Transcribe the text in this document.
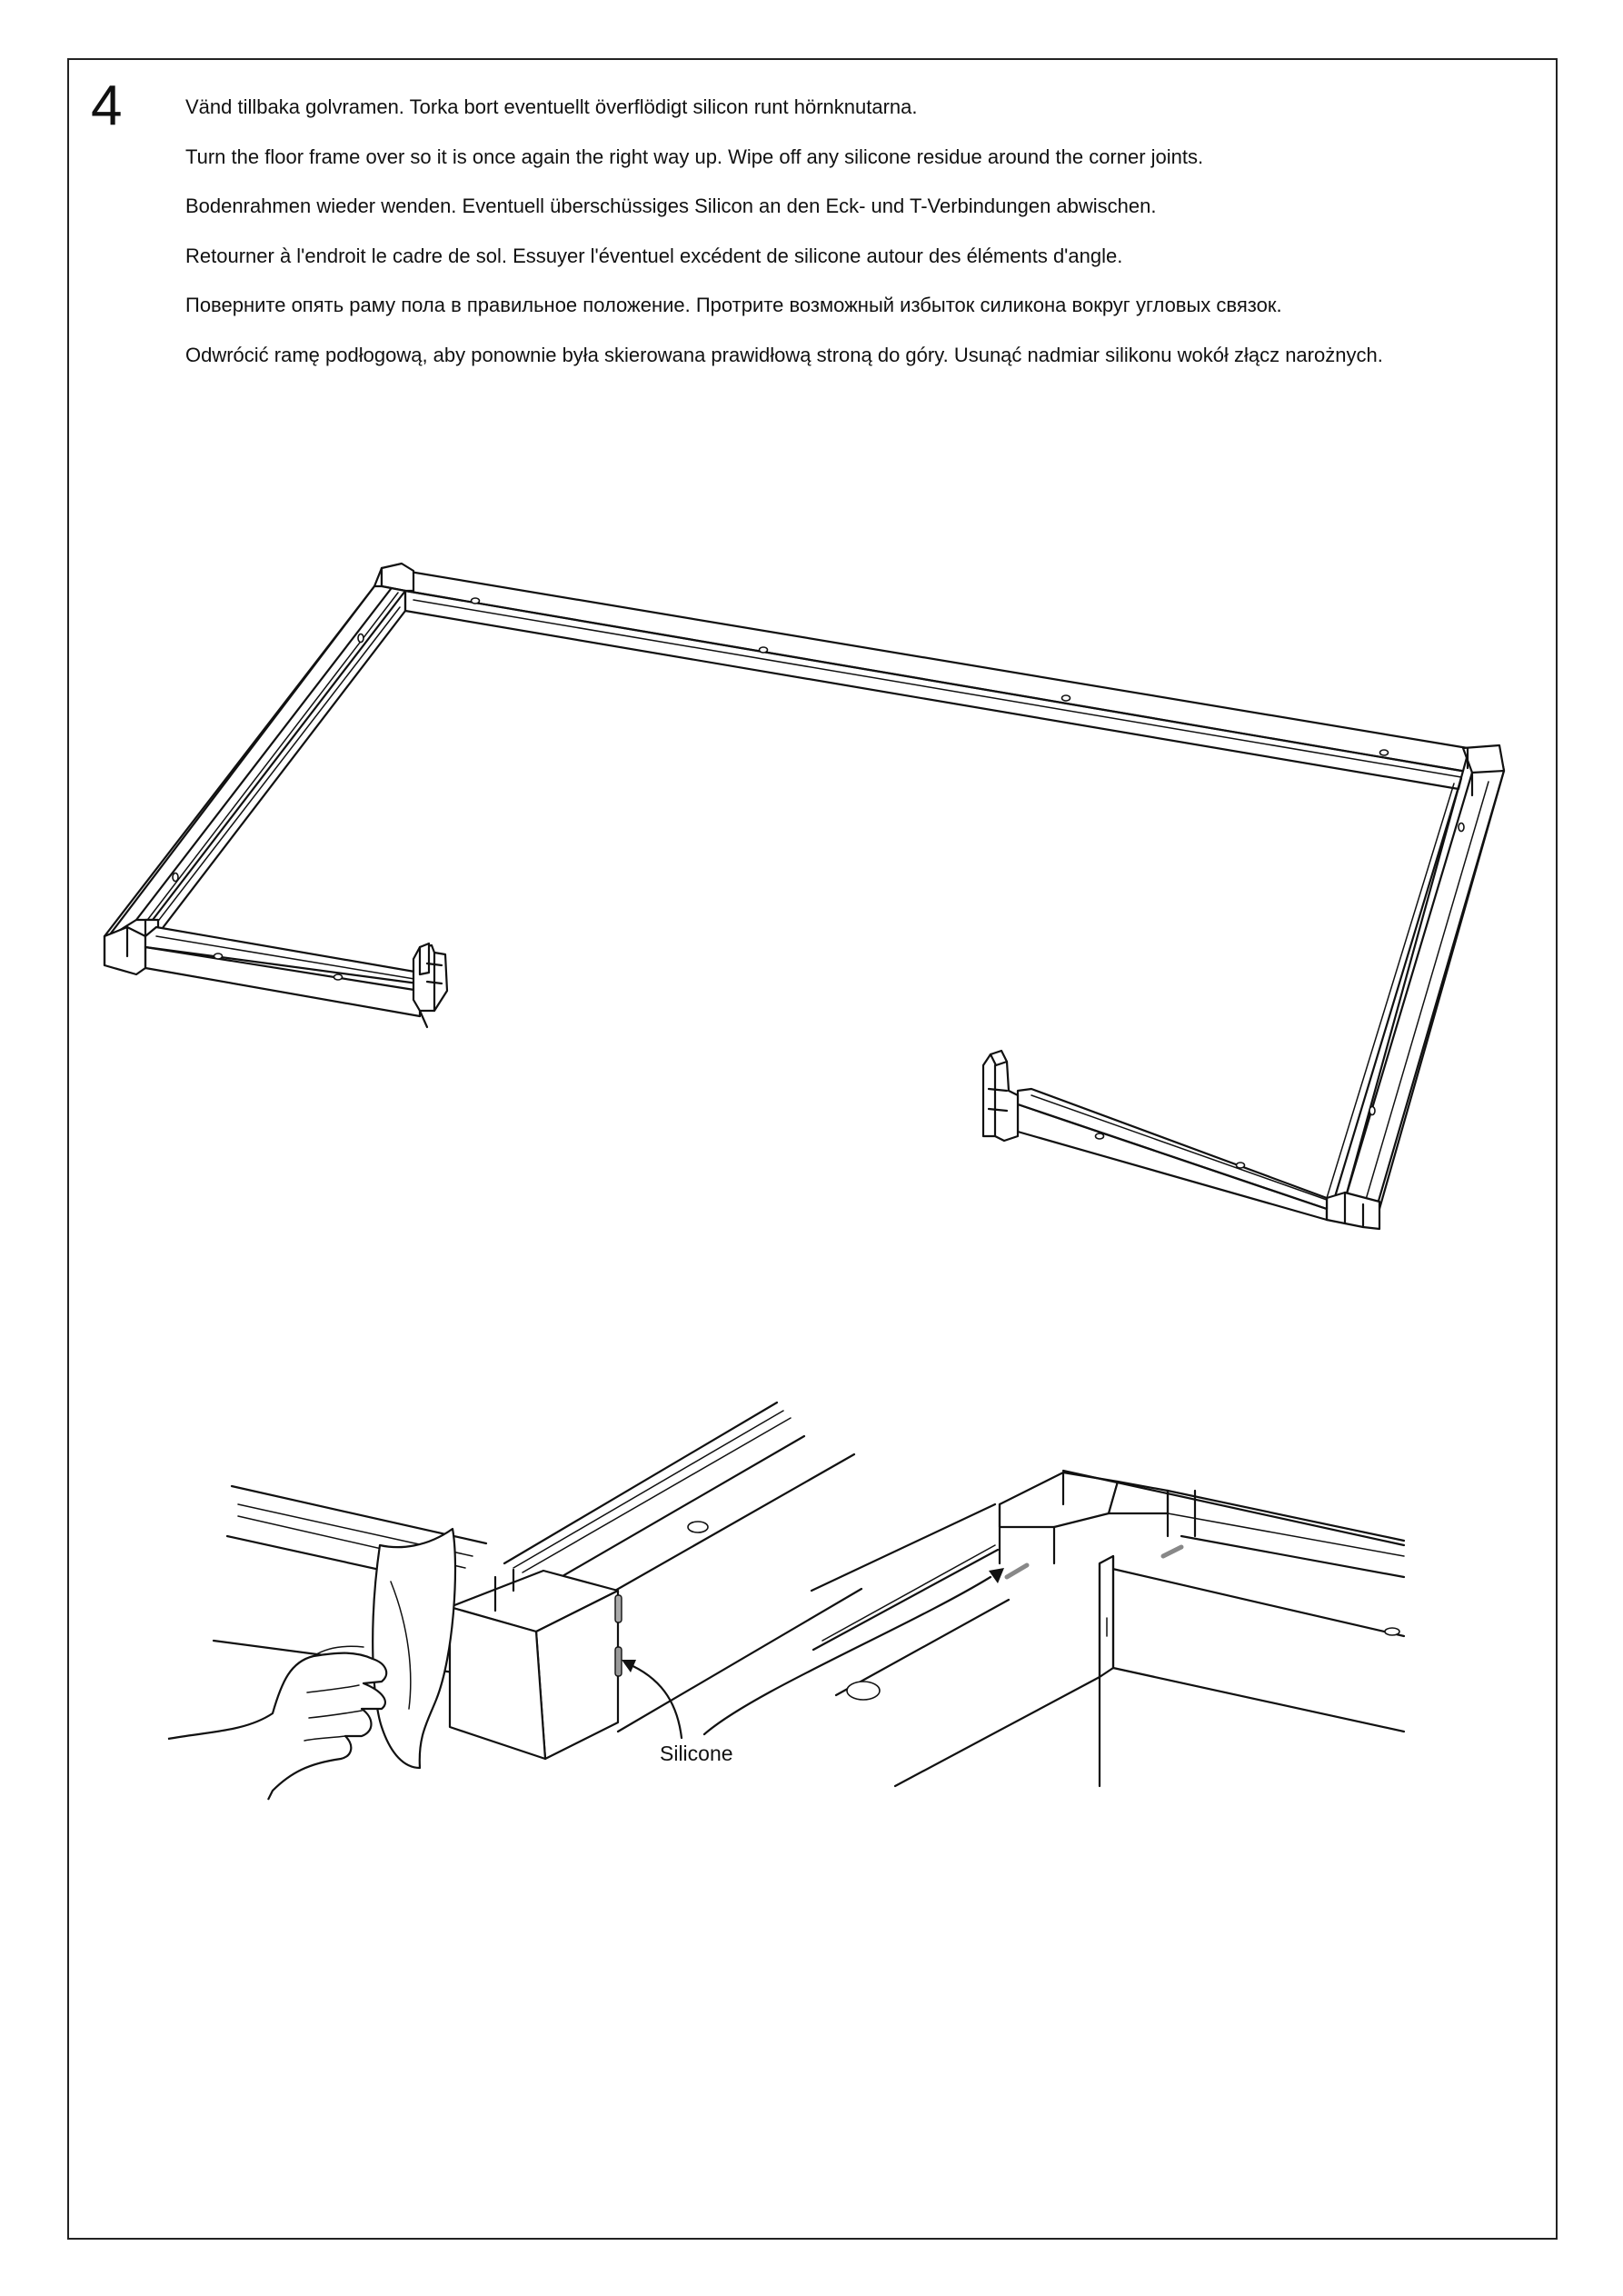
4	Vänd tillbaka golvramen. Torka bort eventuellt överflödigt silicon runt hörnknutarna.

Turn the floor frame over so it is once again the right way up. Wipe off any silicone residue around the corner joints.

Bodenrahmen wieder wenden. Eventuell überschüssiges Silicon an den Eck- und T-Verbindungen abwischen.

Retourner à l'endroit le cadre de sol. Essuyer l'éventuel excédent de silicone autour des éléments d'angle.

Поверните опять раму пола в правильное положение. Протрите возможный избыток силикона вокруг угловых связок.

Odwrócić ramę podłogową, aby ponownie była skierowana prawidłową stroną do góry. Usunąć nadmiar silikonu wokół złącz narożnych.

Silicone
